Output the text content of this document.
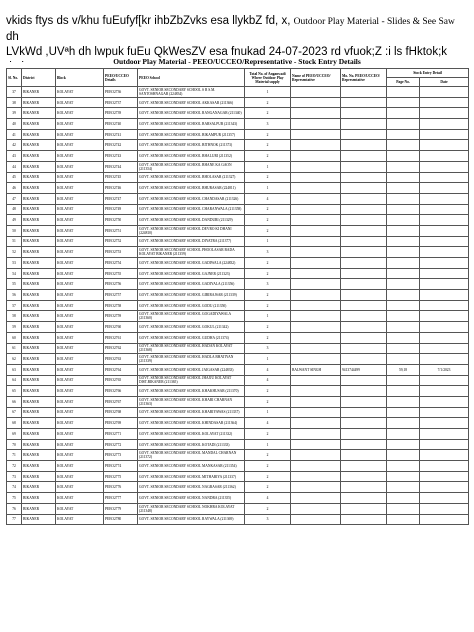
vkids ftys ds v/khu fuEufyf[kr ihbZbZvks esa llykbZ fd, x, Outdoor Play Material - Slides & See Saw dh
LVkWd ,UVªh dh lwpuk fuEu QkWesZV esa fnukad 24-07-2023 rd vfuok;Z :i ls fHktok;k

Outdoor Play Material - PEEO/UCCEO/Representative - Stock Entry Details
Sl. No.	District	Block	PEEO/UCCEO Details	PEEO School	Total No. of Anganwadi Where Outdoor Play Material supply	Name of PEEO/UCCEO/ Representative	Mo. No. PEEO/UCCEO/ Representative	Stock Entry Detail	
								Page No.	Date
37	BIKANER	KOLAYAT	PEEO2736	GOVT. SENIOR SECONDARY SCHOOL S R S.M. SANTOSHNAGAR (224834)	1				
38	BIKANER	KOLAYAT	PEEO2737	GOVT. SENIOR SECONDARY SCHOOL AKKASAR (211366)	2				
39	BIKANER	KOLAYAT	PEEO2739	GOVT. SENIOR SECONDARY SCHOOL RANGANAGAR (211340)	2				
40	BIKANER	KOLAYAT	PEEO2740	GOVT. SENIOR SECONDARY SCHOOL BARSALPUR (211343)	3				
41	BIKANER	KOLAYAT	PEEO2741	GOVT. SENIOR SECONDARY SCHOOL BIKAMPUR (211357)	2				
42	BIKANER	KOLAYAT	PEEO2742	GOVT. SENIOR SECONDARY SCHOOL BITHNOK (211373)	2				
43	BIKANER	KOLAYAT	PEEO2743	GOVT. SENIOR SECONDARY SCHOOL BHALURI (211352)	2				
44	BIKANER	KOLAYAT	PEEO2744	GOVT. SENIOR SECONDARY SCHOOL BHANE KA GAON (211354)	1				
45	BIKANER	KOLAYAT	PEEO2745	GOVT. SENIOR SECONDARY SCHOOL BHOLASAR (211327)	2				
46	BIKANER	KOLAYAT	PEEO2746	GOVT. SENIOR SECONDARY SCHOOL BHURASAR (224811)	1				
47	BIKANER	KOLAYAT	PEEO2747	GOVT. SENIOR SECONDARY SCHOOL CHANDASAR (211326)	4				
48	BIKANER	KOLAYAT	PEEO2749	GOVT. SENIOR SECONDARY SCHOOL CHARANWALA (211358)	2				
49	BIKANER	KOLAYAT	PEEO2750	GOVT. SENIOR SECONDARY SCHOOL DANDURI (211329)	2				
50	BIKANER	KOLAYAT	PEEO2751	GOVT. SENIOR SECONDARY SCHOOL DEVRO KI DHANI (224810)	2				
51	BIKANER	KOLAYAT	PEEO2752	GOVT. SENIOR SECONDARY SCHOOL DIYATRA (211377)	1				
52	BIKANER	KOLAYAT	PEEO2753	GOVT. SENIOR SECONDARY SCHOOL PHOOLASAR BADA KOLAYAT BIKANER (211359)	3				
53	BIKANER	KOLAYAT	PEEO2754	GOVT. SENIOR SECONDARY SCHOOL GADIWALA (224832)	2				
54	BIKANER	KOLAYAT	PEEO2755	GOVT. SENIOR SECONDARY SCHOOL GAJNER (211323)	2				
55	BIKANER	KOLAYAT	PEEO2756	GOVT. SENIOR SECONDARY SCHOOL GADIYALA (211356)	3				
56	BIKANER	KOLAYAT	PEEO2757	GOVT. SENIOR SECONDARY SCHOOL GIRIRAJSAR (211339)	2				
57	BIKANER	KOLAYAT	PEEO2758	GOVT. SENIOR SECONDARY SCHOOL GODU (211350)	2				
58	BIKANER	KOLAYAT	PEEO2759	GOVT. SENIOR SECONDARY SCHOOL GOGADIYAWALA (211360)	1				
59	BIKANER	KOLAYAT	PEEO2760	GOVT. SENIOR SECONDARY SCHOOL GOKUL (211342)	2				
60	BIKANER	KOLAYAT	PEEO2761	GOVT. SENIOR SECONDARY SCHOOL GUDHA (211374)	2				
61	BIKANER	KOLAYAT	PEEO2762	GOVT. SENIOR SECONDARY SCHOOL HADAN KOLAYAT (211368)	3				
62	BIKANER	KOLAYAT	PEEO2763	GOVT. SENIOR SECONDARY SCHOOL HADLA BHATIYAN (211339)	1				
63	BIKANER	KOLAYAT	PEEO2764	GOVT. SENIOR SECONDARY SCHOOL JAIGASAR (224833)	4	BALWANT SINGH	9413744499	59,18	7/1/2023
64	BIKANER	KOLAYAT	PEEO2765	GOVT. SENIOR SECONDARY SCHOOL JHAJJU KOLAYAT DIST.BIKANER (211365)	4				
65	BIKANER	KOLAYAT	PEEO2766	GOVT. SENIOR SECONDARY SCHOOL KHAKHUSAR (211370)	2				
66	BIKANER	KOLAYAT	PEEO2767	GOVT. SENIOR SECONDARY SCHOOL KHARI CHARNAN (211363)	2				
67	BIKANER	KOLAYAT	PEEO2768	GOVT. SENIOR SECONDARY SCHOOL KHARIYAWAS (211337)	1				
68	BIKANER	KOLAYAT	PEEO2769	GOVT. SENIOR SECONDARY SCHOOL KHINDASAR (211364)	4				
69	BIKANER	KOLAYAT	PEEO2771	GOVT. SENIOR SECONDARY SCHOOL KOLAYAT (211332)	2				
70	BIKANER	KOLAYAT	PEEO2772	GOVT. SENIOR SECONDARY SCHOOL KOTADI (211333)	1				
71	BIKANER	KOLAYAT	PEEO2773	GOVT. SENIOR SECONDARY SCHOOL MANDAL CHARNAN (211372)	2				
72	BIKANER	KOLAYAT	PEEO2774	GOVT. SENIOR SECONDARY SCHOOL MANKASAR (211354)	2				
73	BIKANER	KOLAYAT	PEEO2775	GOVT. SENIOR SECONDARY SCHOOL MITHARIYA (211337)	2				
74	BIKANER	KOLAYAT	PEEO2776	GOVT. SENIOR SECONDARY SCHOOL NAGRASAR (211362)	2				
75	BIKANER	KOLAYAT	PEEO2777	GOVT. SENIOR SECONDARY SCHOOL NANDRA (211355)	4				
76	BIKANER	KOLAYAT	PEEO2779	GOVT. SENIOR SECONDARY SCHOOL NOKHRA KOLAYAT (211348)	2				
77	BIKANER	KOLAYAT	PEEO2780	GOVT. SENIOR SECONDARY SCHOOL RAYWALA (211369)	3				
